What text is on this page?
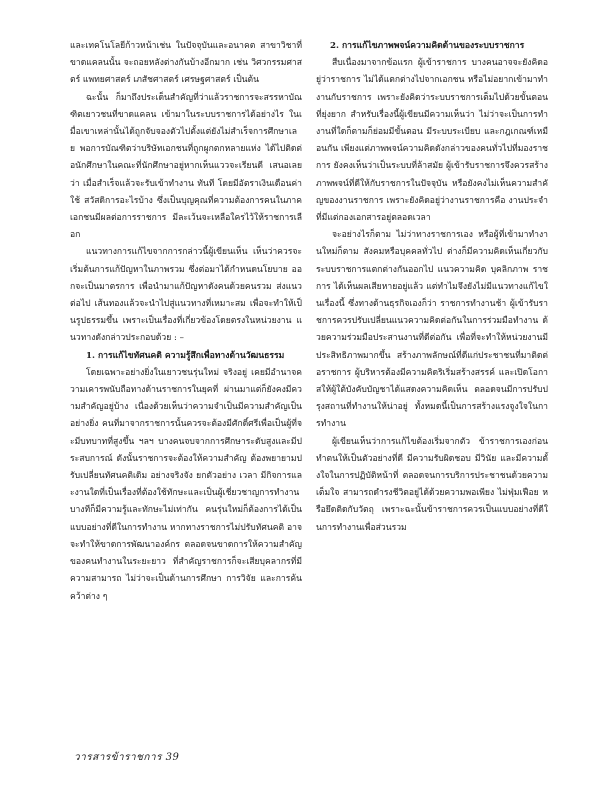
และเทคโนโลยีก้าวหน้าเช่น ในปัจจุบันและอนาคต สาขาวิชาที่ขาดแคลนนั้น จะถอยหลังต่างกันบ้างอีกมาก เช่น วิศวกรรมศาสตร์ แพทยศาสตร์ เภสัชศาสตร์ เศรษฐศาสตร์ เป็นต้น

ฉะนั้น ก็มาถึงประเด็นสำคัญที่ว่าแล้วราชการจะสรรหาบัณฑิตเยาวชนที่ขาดแคลน เข้ามาในระบบราชการได้อย่างไร ในเมื่อเขาเหล่านั้นได้ถูกจับจองตัวไปตั้งแต่ยังไม่สำเร็จการศึกษาเลย พอการบัณฑิตว่าบริษัทเอกชนที่ถูกผูกตกหลายแห่ง ได้ไปติดต่อนักศึกษาในคณะที่นักศึกษาอยู่หากเห็นแววจะเรียนดี เสนอเลยว่า เมื่อสำเร็จแล้วจะรับเข้าทำงาน ทันที โดยมีอัตราเงินเดือนค่าใช้ สวัสดิการอะไรบ้าง ซึ่งเป็นบุญคุณที่ความต้องการคนในภาคเอกชนมีผลต่อการราชการ มีละเว้นจะเหลือใครไว้ให้ราชการเลือก

แนวทางการแก้ไขจากการกล่าวนี้ผู้เขียนเห็น เห็นว่าควรจะเริ่มต้นการแก้ปัญหาในภาพรวม ซึ่งต่อมาได้กำหนดนโยบาย ออกจะเป็นมาตรการ เพื่อนำมาแก้ปัญหาดังคนด้วยคนรวม ส่งแนวต่อไป เส้นทองแล้วจะนำไปสู่แนวทางที่เหมาะสม เพื่อจะทำให้เป็นรูปธรรมขึ้น เพราะเป็นเรื่องที่เกี่ยวข้องโดยตรงในหน่วยงาน แนวทางดังกล่าวประกอบด้วย : –

1. การแก้ไขทัศนคติ ความรู้สึกเพื่อทางด้านวัฒนธรรม

โดยเฉพาะอย่างยิ่งในเยาวชนรุ่นใหม่ จริงอยู่ เคยมีอำนาจความเคารพนับถือทางด้านราชการในยุคที่ ผ่านมาแต่ก็ยังคงมีความสำคัญอยู่บ้าง เนื่องด้วยเห็นว่าความจำเป็นมีความสำคัญเป็นอย่างยิ่ง คนที่มาจากราชการนั้นควรจะต้องมีศักดิ์ศรีเพื่อเป็นผู้ที่จะมีบทบาทที่สูงขึ้น ฯลฯ บางคนจบจากการศึกษาระดับสูงและมีประสบการณ์ ดังนั้นราชการจะต้องให้ความสำคัญ ต้องพยายามปรับเปลี่ยนทัศนคติเดิม อย่างจริงจัง ยกตัวอย่าง เวลา มีกิจการและงานใดที่เป็นเรื่องที่ต้องใช้ทักษะและเป็นผู้เชี่ยวชาญการทำงาน บางทีก็มีความรู้และทักษะไม่เท่ากัน คนรุ่นใหม่ก็ต้องการได้เป็นแบบอย่างที่ดีในการทำงาน หากทางราชการไม่ปรับทัศนคติ อาจจะทำให้ขาดการพัฒนาองค์กร ตลอดจนขาดการให้ความสำคัญของคนทำงานในระยะยาว ที่สำคัญราชการก็จะเสียบุคลากรที่มีความสามารถ ไม่ว่าจะเป็นด้านการศึกษา การวิจัย และการค้นคว้าต่าง ๆ

2. การแก้ไขภาพพจน์ความคิดด้านของระบบราชการ

สืบเนื่องมาจากข้อแรก ผู้เข้าราชการ บางคนอาจจะยังคิดอยู่ว่าราชการ ไม่ได้แตกต่างไปจากเอกชน หรือไม่อยากเข้ามาทำงานกับราชการ เพราะยังคิดว่าระบบราชการเต็มไปด้วยขั้นตอนที่ยุ่งยาก สำหรับเรื่องนี้ผู้เขียนมีความเห็นว่า ไม่ว่าจะเป็นการทำงานที่ใดก็ตามก็ย่อมมีขั้นตอน มีระบบระเบียบ และกฎเกณฑ์เหมือนกัน เพียงแต่ภาพพจน์ความคิดดังกล่าวของคนทั่วไปที่มองราชการ ยังคงเห็นว่าเป็นระบบที่ล้าสมัย ผู้เข้ารับราชการจึงควรสร้างภาพพจน์ที่ดีให้กับราชการในปัจจุบัน หรือยังคงไม่เห็นความสำคัญของงานราชการ เพราะยังคิดอยู่ว่างานราชการคือ งานประจำ ที่มีแต่กองเอกสารอยู่ตลอดเวลา

จะอย่างไรก็ตาม ไม่ว่าทางราชการเอง หรือผู้ที่เข้ามาทำงานใหม่ก็ตาม สังคมหรือบุคคลทั่วไป ต่างก็มีความคิดเห็นเกี่ยวกับระบบราชการแตกต่างกันออกไป แนวความคิด บุคลิกภาพ ราชการ ได้เห็นผลเสียหายอยู่แล้ว แต่ทำไมจึงยังไม่มีแนวทางแก้ไขในเรื่องนี้ ซึ่งทางด้านธุรกิจเองก็ว่า ราชการทำงานช้า ผู้เข้ารับราชการควรปรับเปลี่ยนแนวความคิดต่อกันในการร่วมมือทำงาน ด้วยความร่วมมือประสานงานที่ดีต่อกัน เพื่อที่จะทำให้หน่วยงานมีประสิทธิภาพมากขึ้น สร้างภาพลักษณ์ที่ดีแก่ประชาชนที่มาติดต่อราชการ ผู้บริหารต้องมีความคิดริเริ่มสร้างสรรค์ และเปิดโอกาสให้ผู้ใต้บังคับบัญชาได้แสดงความคิดเห็น ตลอดจนมีการปรับปรุงสถานที่ทำงานให้น่าอยู่ ทั้งหมดนี้เป็นการสร้างแรงจูงใจในการทำงาน

ผู้เขียนเห็นว่าการแก้ไขต้องเริ่มจากตัว ข้าราชการเองก่อน ทำตนให้เป็นตัวอย่างที่ดี มีความรับผิดชอบ มีวินัย และมีความตั้งใจในการปฏิบัติหน้าที่ ตลอดจนการบริการประชาชนด้วยความเต็มใจ สามารถดำรงชีวิตอยู่ได้ด้วยความพอเพียง ไม่ฟุ่มเฟือย หรือยึดติดกับวัตถุ เพราะฉะนั้นข้าราชการควรเป็นแบบอย่างที่ดีในการทำงานเพื่อส่วนรวม

วารสารข้าราชการ 39
